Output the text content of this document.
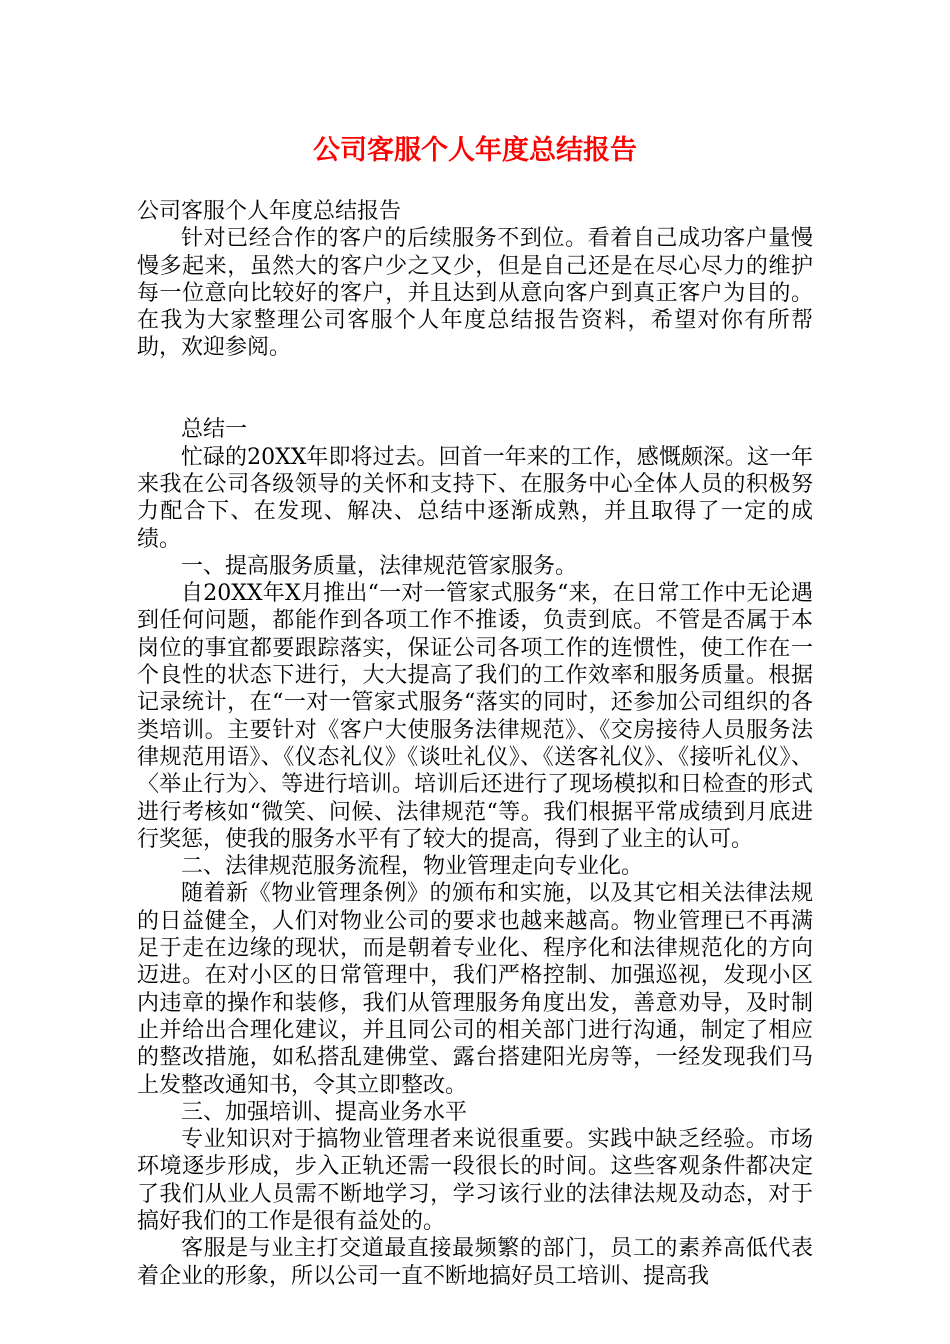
公司客服个人年度总结报告

公司客服个人年度总结报告

针对已经合作的客户的后续服务不到位。看着自己成功客户量慢慢多起来，虽然大的客户少之又少，但是自己还是在尽心尽力的维护每一位意向比较好的客户，并且达到从意向客户到真正客户为目的。在我为大家整理公司客服个人年度总结报告资料，希望对你有所帮助，欢迎参阅。

总结一

忙碌的20XX年即将过去。回首一年来的工作，感慨颇深。这一年来我在公司各级领导的关怀和支持下、在服务中心全体人员的积极努力配合下、在发现、解决、总结中逐渐成熟，并且取得了一定的成绩。

一、提高服务质量，法律规范管家服务。

自20XX年X月推出“一对一管家式服务“来，在日常工作中无论遇到任何问题，都能作到各项工作不推诿，负责到底。不管是否属于本岗位的事宜都要跟踪落实，保证公司各项工作的连惯性，使工作在一个良性的状态下进行，大大提高了我们的工作效率和服务质量。根据记录统计，在“一对一管家式服务“落实的同时，还参加公司组织的各类培训。主要针对《客户大使服务法律规范》、《交房接待人员服务法律规范用语》、《仪态礼仪》《谈吐礼仪》、《送客礼仪》、《接听礼仪》、〈举止行为〉、等进行培训。培训后还进行了现场模拟和日检查的形式进行考核如“微笑、问候、法律规范“等。我们根据平常成绩到月底进行奖惩，使我的服务水平有了较大的提高，得到了业主的认可。

二、法律规范服务流程，物业管理走向专业化。

随着新《物业管理条例》的颁布和实施，以及其它相关法律法规的日益健全，人们对物业公司的要求也越来越高。物业管理已不再满足于走在边缘的现状，而是朝着专业化、程序化和法律规范化的方向迈进。在对小区的日常管理中，我们严格控制、加强巡视，发现小区内违章的操作和装修，我们从管理服务角度出发，善意劝导，及时制止并给出合理化建议，并且同公司的相关部门进行沟通，制定了相应的整改措施，如私搭乱建佛堂、露台搭建阳光房等，一经发现我们马上发整改通知书，令其立即整改。

三、加强培训、提高业务水平

专业知识对于搞物业管理者来说很重要。实践中缺乏经验。市场环境逐步形成，步入正轨还需一段很长的时间。这些客观条件都决定了我们从业人员需不断地学习，学习该行业的法律法规及动态，对于搞好我们的工作是很有益处的。

客服是与业主打交道最直接最频繁的部门，员工的素养高低代表着企业的形象，所以公司一直不断地搞好员工培训、提高我
